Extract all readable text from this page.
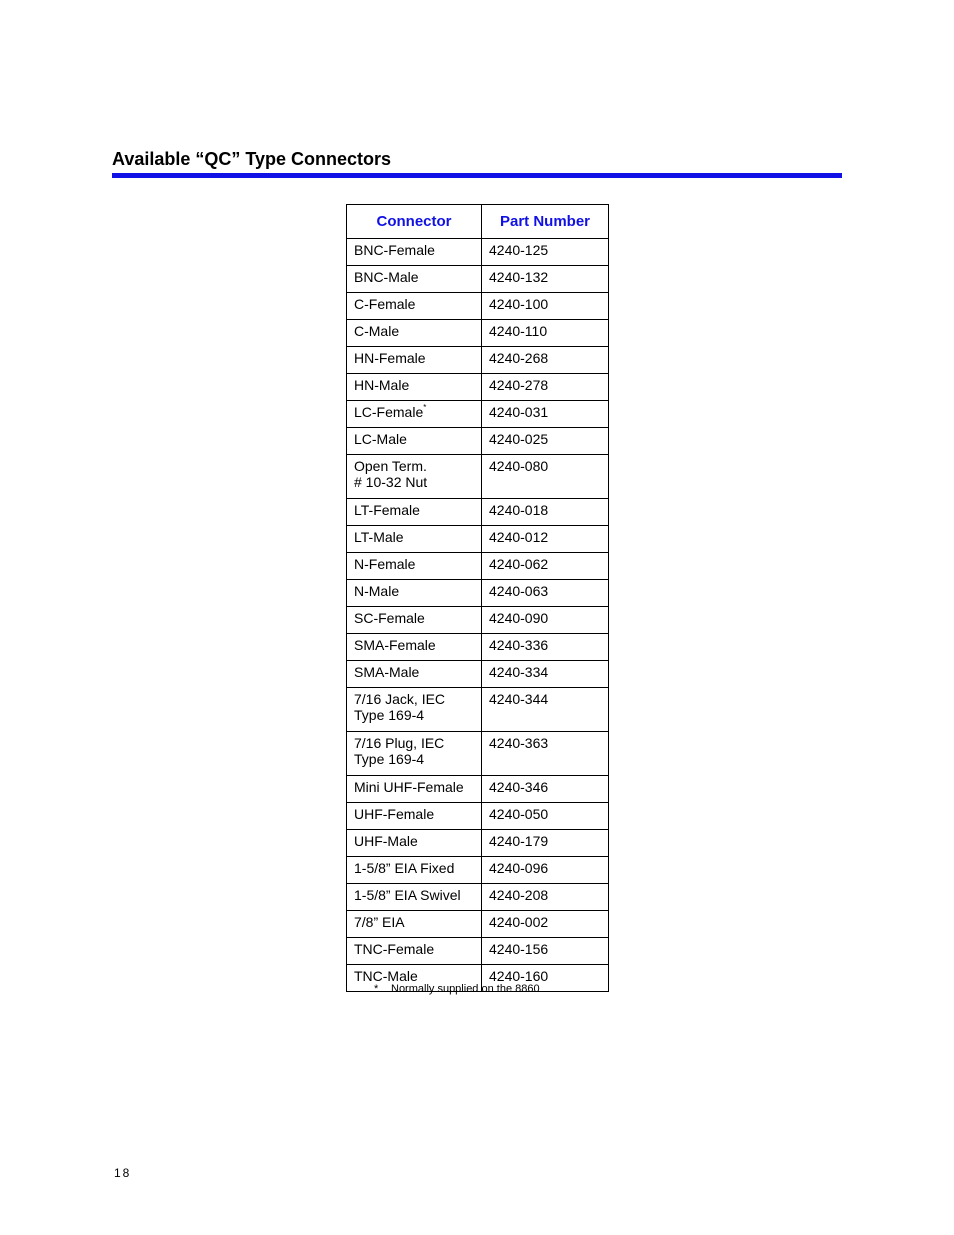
Available “QC” Type Connectors
Connector	Part Number

BNC-Female	4240-125

BNC-Male	4240-132

C-Female	4240-100

C-Male	4240-110

HN-Female	4240-268

HN-Male	4240-278

LC-Female*	4240-031

LC-Male	4240-025

Open Term.
# 10-32 Nut	4240-080

LT-Female	4240-018

LT-Male	4240-012

N-Female	4240-062

N-Male	4240-063

SC-Female	4240-090

SMA-Female	4240-336

SMA-Male	4240-334

7/16 Jack, IEC
Type 169-4	4240-344

7/16 Plug, IEC
Type 169-4	4240-363

Mini UHF-Female	4240-346

UHF-Female	4240-050

UHF-Male	4240-179

1-5/8” EIA Fixed	4240-096

1-5/8” EIA Swivel	4240-208

7/8” EIA	4240-002

TNC-Female	4240-156

TNC-Male	4240-160
* Normally supplied on the 8860
18
